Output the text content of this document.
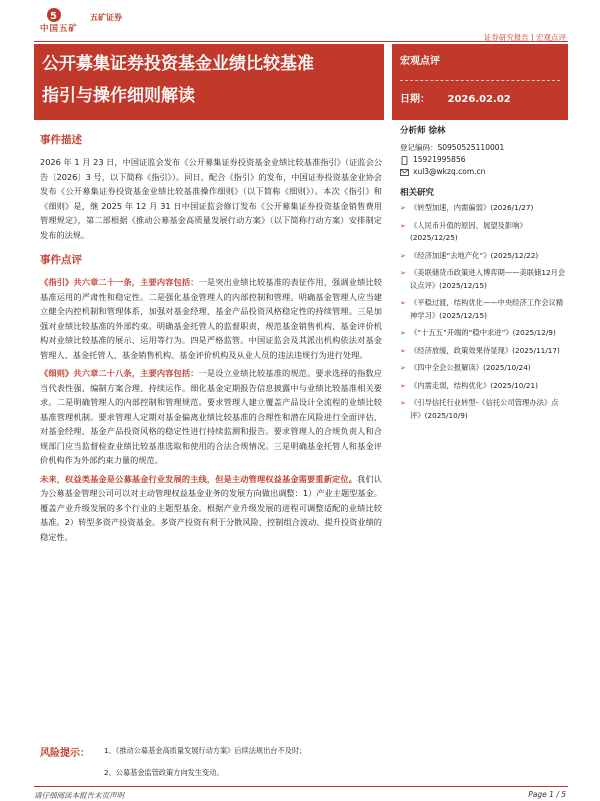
5
中国五矿
五矿证券
证券研究报告 | 宏观点评
公开募集证券投资基金业绩比较基准
指引与操作细则解读
宏观点评
日期： 2026.02.02
事件描述

2026 年 1 月 23 日，中国证监会发布《公开募集证券投资基金业绩比较基准指引》（证监会公告〔2026〕3 号，以下简称《指引》）。同日，配合《指引》的发布，中国证券投资基金业协会发布《公开募集证券投资基金业绩比较基准操作细则》（以下简称《细则》）。本次《指引》和《细则》是，继 2025 年 12 月 31 日中国证监会修订发布《公开募集证券投资基金销售费用管理规定》，第二部根据《推动公募基金高质量发展行动方案》（以下简称行动方案）安排制定发布的法规。

事件点评

《指引》共六章二十一条，主要内容包括：一是突出业绩比较基准的表征作用，强调业绩比较基准运用的严肃性和稳定性。二是强化基金管理人的内部控制和管理。明确基金管理人应当建立健全内控机制和管理体系，加强对基金经理、基金产品投资风格稳定性的持续管理。三是加强对业绩比较基准的外部约束。明确基金托管人的监督职责，规范基金销售机构、基金评价机构对业绩比较基准的展示、运用等行为。四是严格监管。中国证监会及其派出机构依法对基金管理人、基金托管人、基金销售机构、基金评价机构及从业人员的违法违规行为进行处理。

《细则》共六章二十八条，主要内容包括：一是设立业绩比较基准的规范。要求选择的指数应当代表性强、编制方案合理、持续运作。细化基金定期报告信息披露中与业绩比较基准相关要求。二是明确管理人的内部控制和管理规范。要求管理人建立覆盖产品设计全流程的业绩比较基准管理机制。要求管理人定期对基金偏离业绩比较基准的合理性和潜在风险进行全面评估，对基金经理、基金产品投资风格的稳定性进行持续监测和报告。要求管理人的合规负责人和合规部门应当监督检查业绩比较基准选取和使用的合法合规情况。三是明确基金托管人和基金评价机构作为外部约束力量的规范。

未来，权益类基金是公募基金行业发展的主线，但是主动管理权益基金需要重新定位。我们认为公募基金管理公司可以对主动管理权益基金业务的发展方向做出调整：1）产业主题型基金。覆盖产业升级发展的多个行业的主题型基金。根据产业升级发展的进程可调整适配的业绩比较基准。2）转型多资产投资基金。多资产投资有利于分散风险、控制组合波动、提升投资业绩的稳定性。

分析师 徐林
登记编码：S0950525110001
15921995856
xul3@wkzq.com.cn
相关研究
➢ 《转型加速，内需偏弱》(2026/1/27)
➢ 《人民币升值的原因、展望及影响》(2025/12/25)
➢ 《经济加速“去地产化”》(2025/12/22)
➢ 《美联储货币政策进入博弈期——美联储12月会议点评》(2025/12/15)
➢ 《平稳过渡，结构优化——中央经济工作会议精神学习》(2025/12/15)
➢ 《“十五五”开端的“稳中求进”》(2025/12/9)
➢ 《经济放缓，政策效果待显现》(2025/11/17)
➢ 《四中全会公报解读》(2025/10/24)
➢ 《内需走弱，结构优化》(2025/10/21)
➢ 《引导信托行业转型-《信托公司管理办法》点评》(2025/10/9)
风险提示： 1、《推动公募基金高质量发展行动方案》后续法规出台不及时；
2、公募基金监管政策方向发生变动。
请仔细阅读本报告末页声明	Page 1 / 5
